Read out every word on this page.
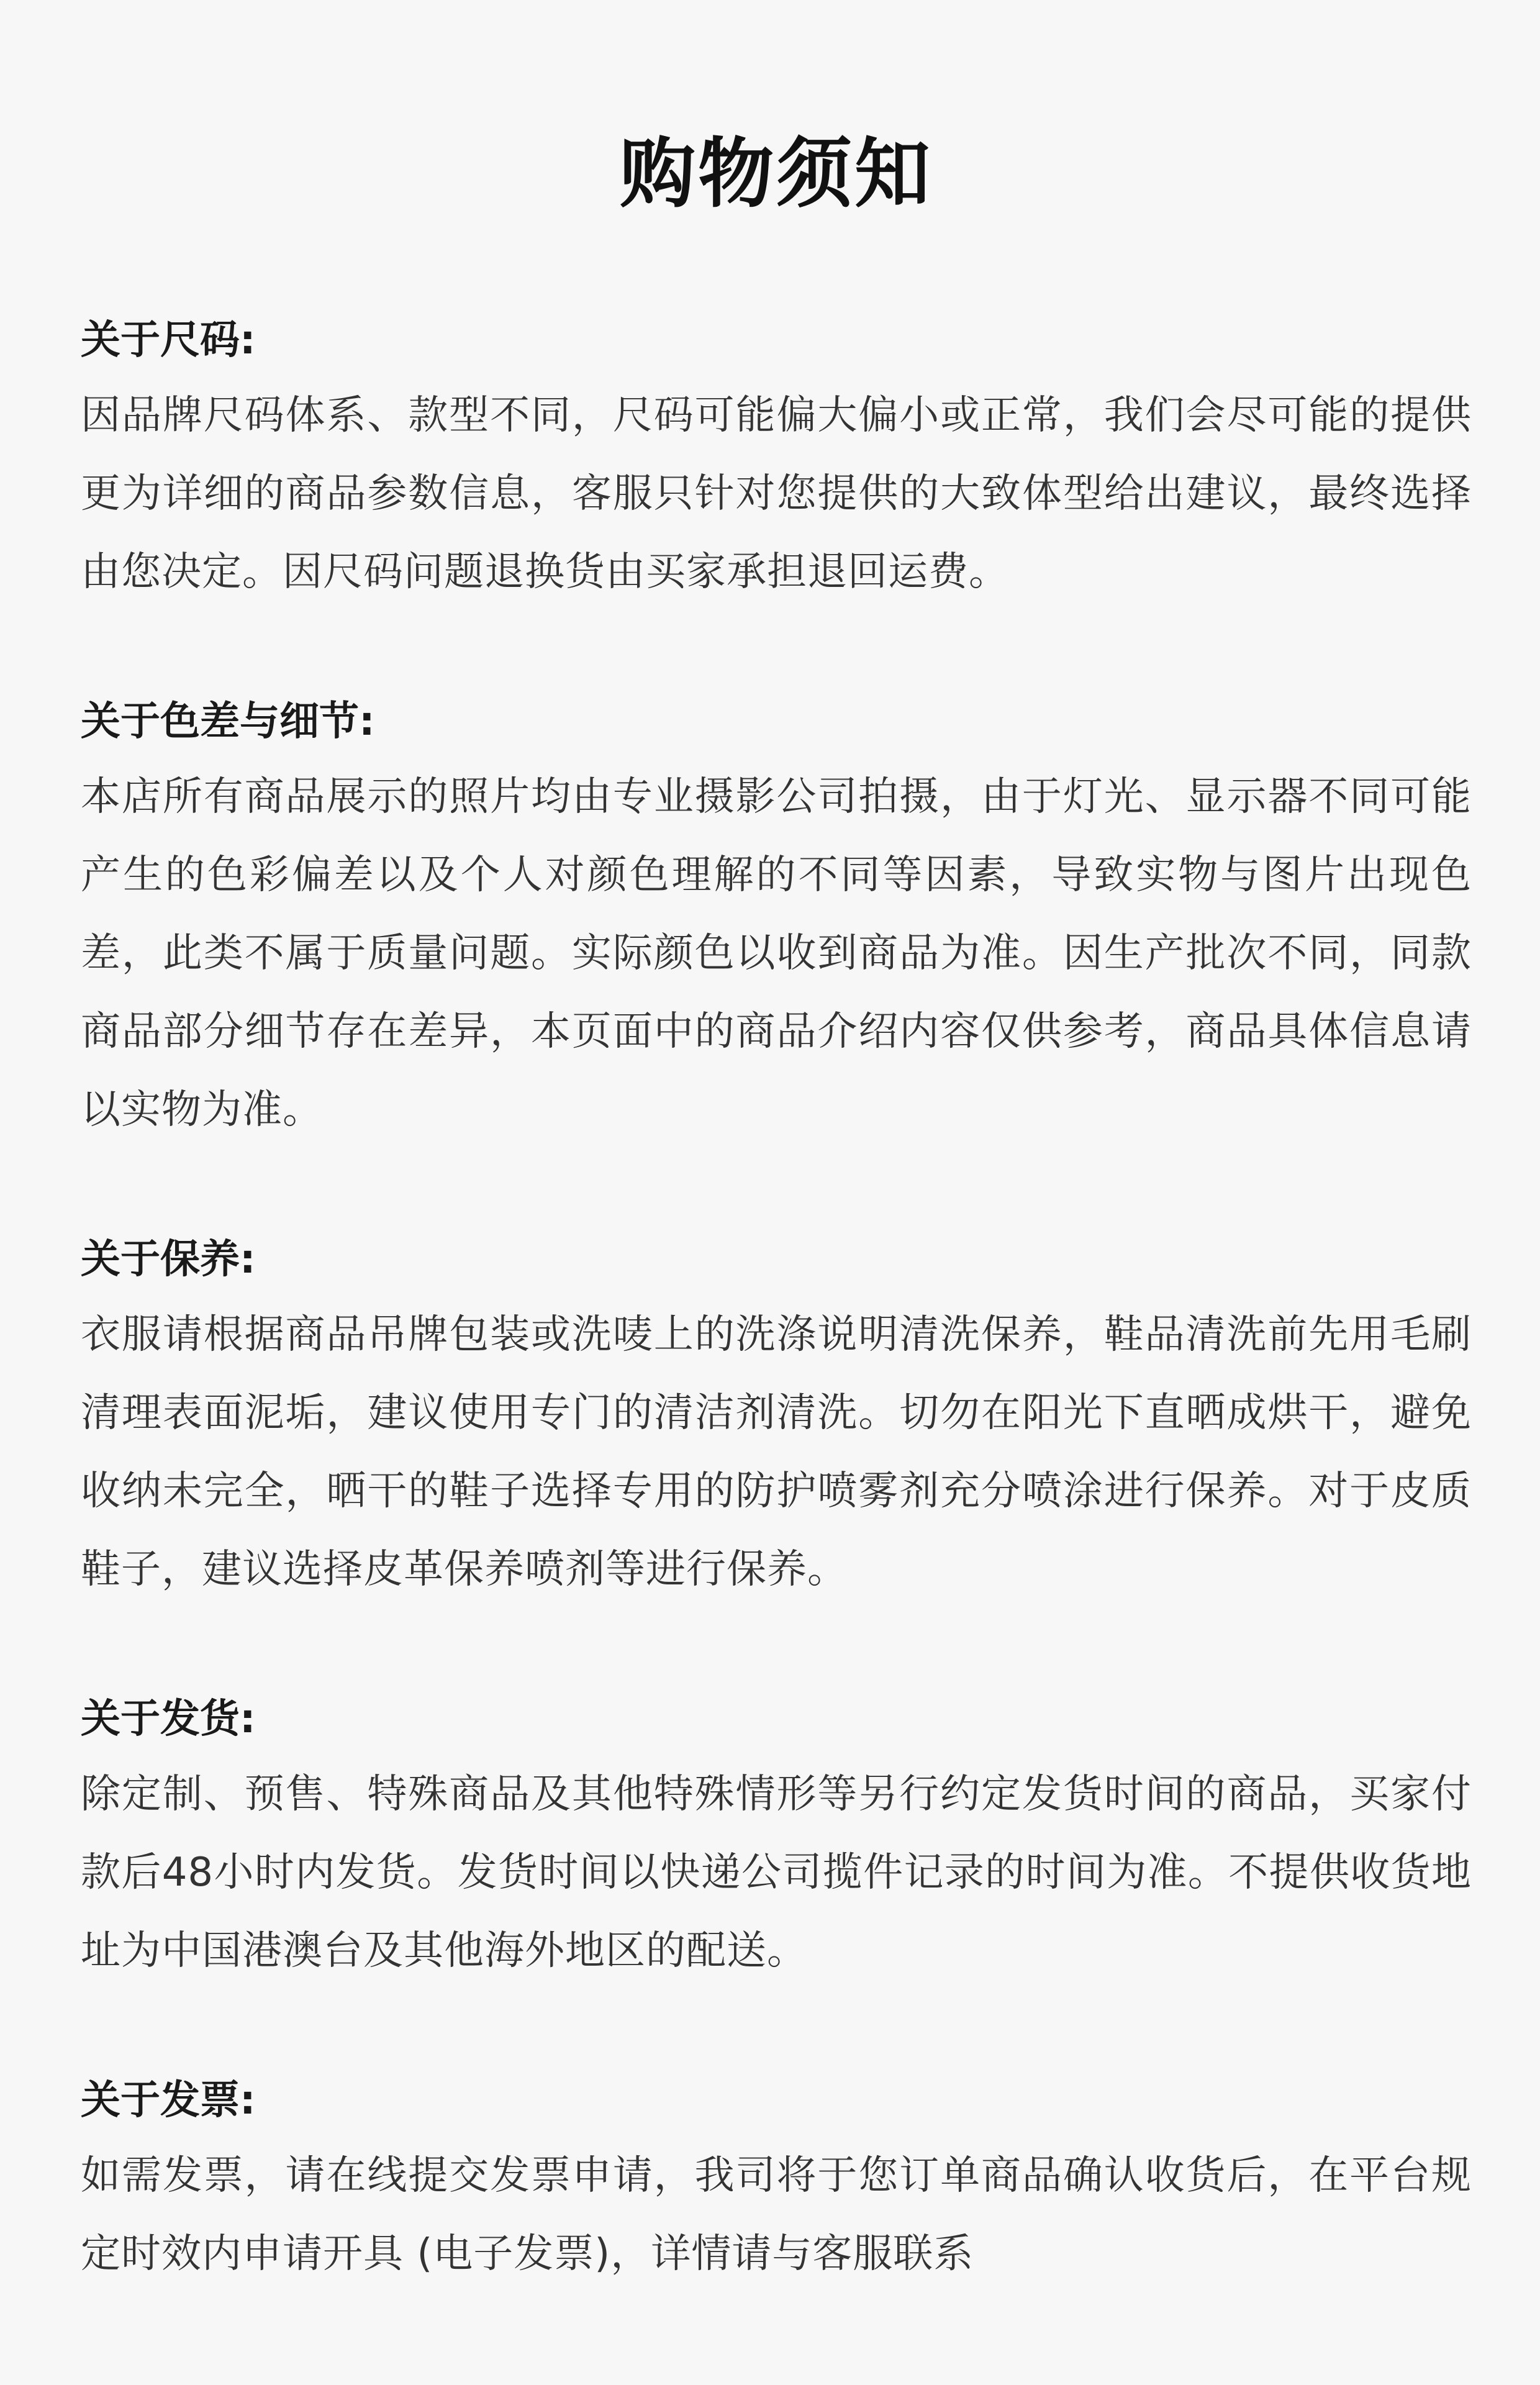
购物须知
关于尺码:

因品牌尺码体系、款型不同，尺码可能偏大偏小或正常，我们会尽可能的提供更为详细的商品参数信息，客服只针对您提供的大致体型给出建议，最终选择由您决定。因尺码问题退换货由买家承担退回运费。

关于色差与细节:

本店所有商品展示的照片均由专业摄影公司拍摄，由于灯光、显示器不同可能产生的色彩偏差以及个人对颜色理解的不同等因素，导致实物与图片出现色差，此类不属于质量问题。实际颜色以收到商品为准。因生产批次不同，同款商品部分细节存在差异，本页面中的商品介绍内容仅供参考，商品具体信息请以实物为准。

关于保养:

衣服请根据商品吊牌包装或洗唛上的洗涤说明清洗保养，鞋品清洗前先用毛刷清理表面泥垢，建议使用专门的清洁剂清洗。切勿在阳光下直晒成烘干，避免收纳未完全，晒干的鞋子选择专用的防护喷雾剂充分喷涂进行保养。对于皮质鞋子，建议选择皮革保养喷剂等进行保养。

关于发货:

除定制、预售、特殊商品及其他特殊情形等另行约定发货时间的商品，买家付款后48小时内发货。发货时间以快递公司揽件记录的时间为准。不提供收货地址为中国港澳台及其他海外地区的配送。

关于发票:

如需发票，请在线提交发票申请，我司将于您订单商品确认收货后，在平台规定时效内申请开具 (电子发票)，详情请与客服联系
